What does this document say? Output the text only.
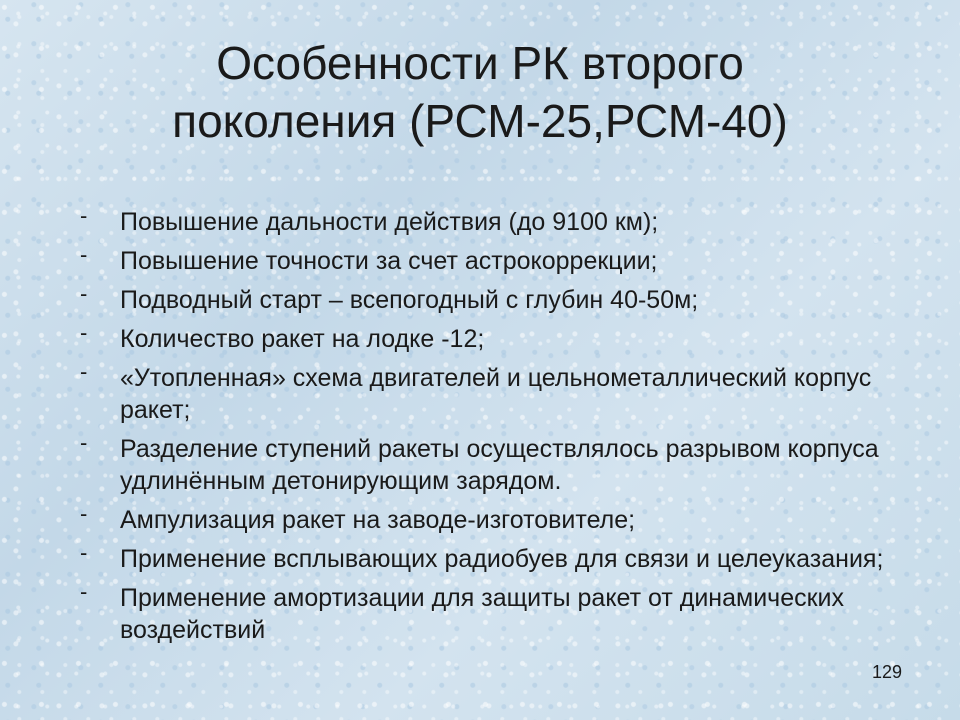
Особенности РК второго
поколения (РСМ-25,РСМ-40)
- Повышение дальности действия (до 9100 км);
- Повышение точности за счет астрокоррекции;
- Подводный старт – всепогодный с глубин 40-50м;
- Количество ракет на лодке -12;
- «Утопленная» схема двигателей и цельнометаллический корпус ракет;
- Разделение ступений ракеты осуществлялось разрывом корпуса удлинённым детонирующим зарядом.
- Ампулизация ракет на заводе-изготовителе;
- Применение всплывающих радиобуев для связи и целеуказания;
- Применение амортизации для защиты ракет от динамических воздействий
129
